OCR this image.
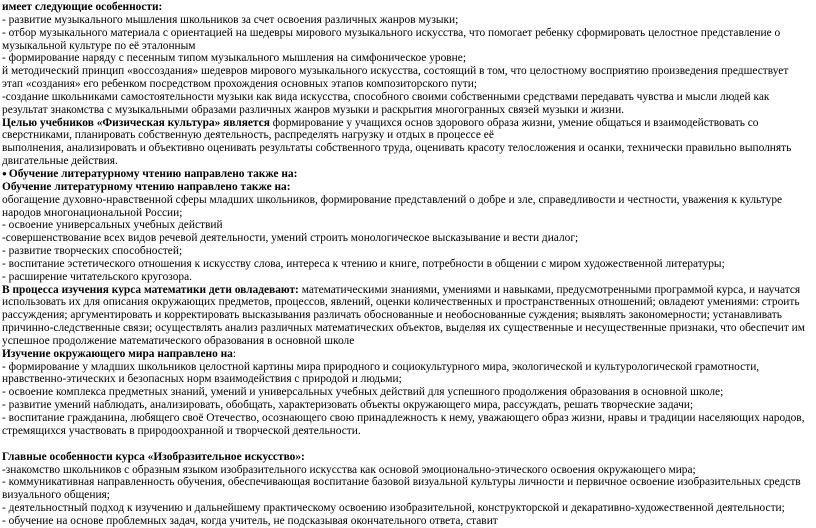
имеет следующие особенности:

- развитие музыкального мышления школьников за счет освоения различных жанров музыки;

- отбор музыкального материала с ориентацией на шедевры мирового музыкального искусства, что помогает ребенку сформировать целостное представление о музыкальной культуре по её эталонным

- формирование наряду с песенным типом музыкального мышления на симфоническое уровне;

й методический принцип «воссоздания» шедевров мирового музыкального искусства, состоящий в том, что целостному восприятию произведения предшествует этап «создания» его ребенком посредством прохождения основных этапов композиторского пути;

-создание школьниками самостоятельности музыки как вида искусства, способного своими собственными средствами передавать чувства и мысли людей как результат знакомства с музыкальными образами различных жанров музыки и раскрытия многогранных связей музыки и жизни.

Целью учебников «Физическая культура» является формирование у учащихся основ здорового образа жизни, умение общаться и взаимодействовать со сверстниками, планировать собственную деятельность, распределять нагрузку и отдых в процессе её

выполнения, анализировать и объективно оценивать результаты собственного труда, оценивать красоту телосложения и осанки, технически правильно выполнять двигательные действия.

● Обучение литературному чтению направлено также на:

Обучение литературному чтению направлено также на:

обогащение духовно-нравственной сферы младших школьников, формирование представлений о добре и зле, справедливости и честности, уважения к культуре народов многонациональной России;

- освоение универсальных учебных действий

-совершенствование всех видов речевой деятельности, умений строить монологическое высказывание и вести диалог;

- развитие творческих способностей;

- воспитание эстетического отношения к искусству слова, интереса к чтению и книге, потребности в общении с миром художественной литературы;

- расширение читательского кругозора.

В процесса изучения курса математики дети овладевают: математическими знаниями, умениями и навыками, предусмотренными программой курса, и научатся использовать их для описания окружающих предметов, процессов, явлений, оценки количественных и пространственных отношений; овладеют умениями: строить рассуждения; аргументировать и корректировать высказывания различать обоснованные и необоснованные суждения; выявлять закономерности; устанавливать причинно-следственные связи; осуществлять анализ различных математических объектов, выделяя их существенные и несущественные признаки, что обеспечит им успешное продолжение математического образования в основной школе

Изучение окружающего мира направлено на:

- формирование у младших школьников целостной картины мира природного и социокультурного мира, экологической и культурологической грамотности, нравственно-этических и безопасных норм взаимодействия с природой и людьми;

- освоение комплекса предметных знаний, умений и универсальных учебных действий для успешного продолжения образования в основной школе;

- развитие умений наблюдать, анализировать, обобщать, характеризовать объекты окружающего мира, рассуждать, решать творческие задачи;

- воспитание гражданина, любящего своё Отечество, осознающего свою принадлежность к нему, уважающего образ жизни, нравы и традиции населяющих народов, стремящихся участвовать в природоохранной и творческой деятельности.

Главные особенности курса «Изобразительное искусство»:

-знакомство школьников с образным языком изобразительного искусства как основой эмоционально-этического освоения окружающего мира;

- коммуникативная направленность обучения, обеспечивающая воспитание базовой визуальной культуры личности и первичное освоение изобразительных средств визуального общения;

- деятельностный подход к изучению и дальнейшему практическому освоению изобразительной, конструкторской и декаративно-художественной деятельности;

- обучение на основе проблемных задач, когда учитель, не подсказывая окончательного ответа, ставит
